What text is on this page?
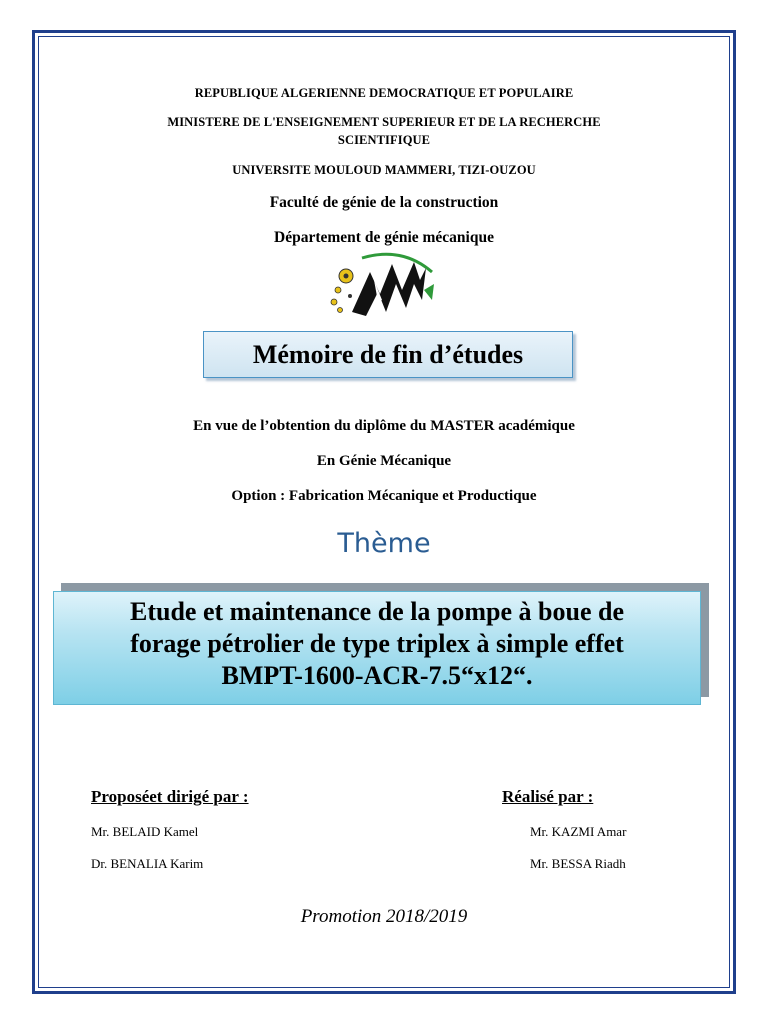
REPUBLIQUE ALGERIENNE DEMOCRATIQUE ET POPULAIRE
MINISTERE DE L'ENSEIGNEMENT SUPERIEUR ET DE LA RECHERCHE
SCIENTIFIQUE
UNIVERSITE MOULOUD MAMMERI, TIZI-OUZOU
Faculté de génie de la construction
Département de génie mécanique
Mémoire de fin d’études
En vue de l’obtention du diplôme du MASTER académique
En Génie Mécanique
Option : Fabrication Mécanique et Productique
Thème
Etude et maintenance de la pompe à boue de
forage pétrolier de type triplex à simple effet
BMPT-1600-ACR-7.5“x12“.
Proposéet dirigé par :
Mr. BELAID Kamel
Dr. BENALIA Karim
Réalisé par :
Mr. KAZMI Amar
Mr. BESSA Riadh
Promotion 2018/2019
